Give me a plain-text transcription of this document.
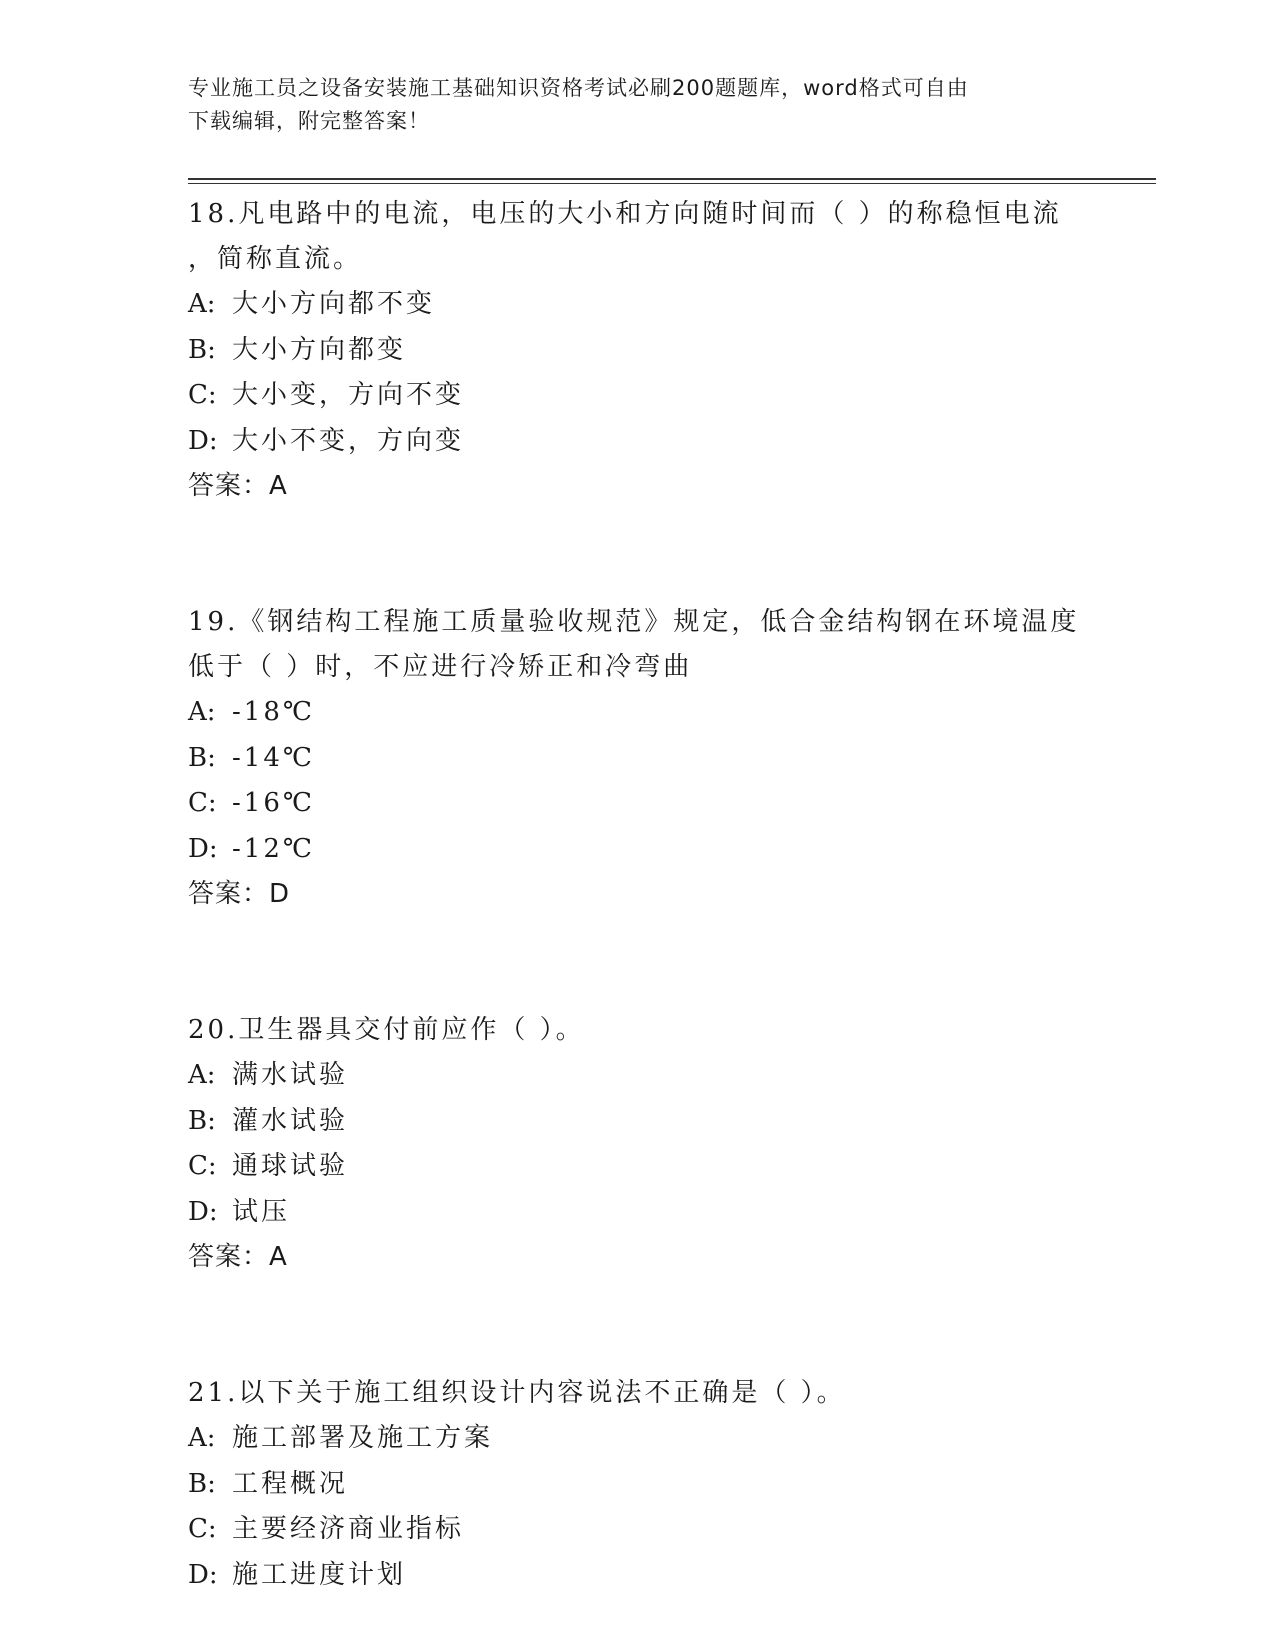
专业施工员之设备安装施工基础知识资格考试必刷200题题库，word格式可自由
下载编辑，附完整答案！

18.凡电路中的电流，电压的大小和方向随时间而（ ）的称稳恒电流

，简称直流。

A: 大小方向都不变

B: 大小方向都变

C: 大小变，方向不变

D: 大小不变，方向变

答案：A

19.《钢结构工程施工质量验收规范》规定，低合金结构钢在环境温度

低于（ ）时，不应进行冷矫正和冷弯曲

A: -18℃

B: -14℃

C: -16℃

D: -12℃

答案：D

20.卫生器具交付前应作（ ）。

A: 满水试验

B: 灌水试验

C: 通球试验

D: 试压

答案：A

21.以下关于施工组织设计内容说法不正确是（ ）。

A: 施工部署及施工方案

B: 工程概况

C: 主要经济商业指标

D: 施工进度计划
